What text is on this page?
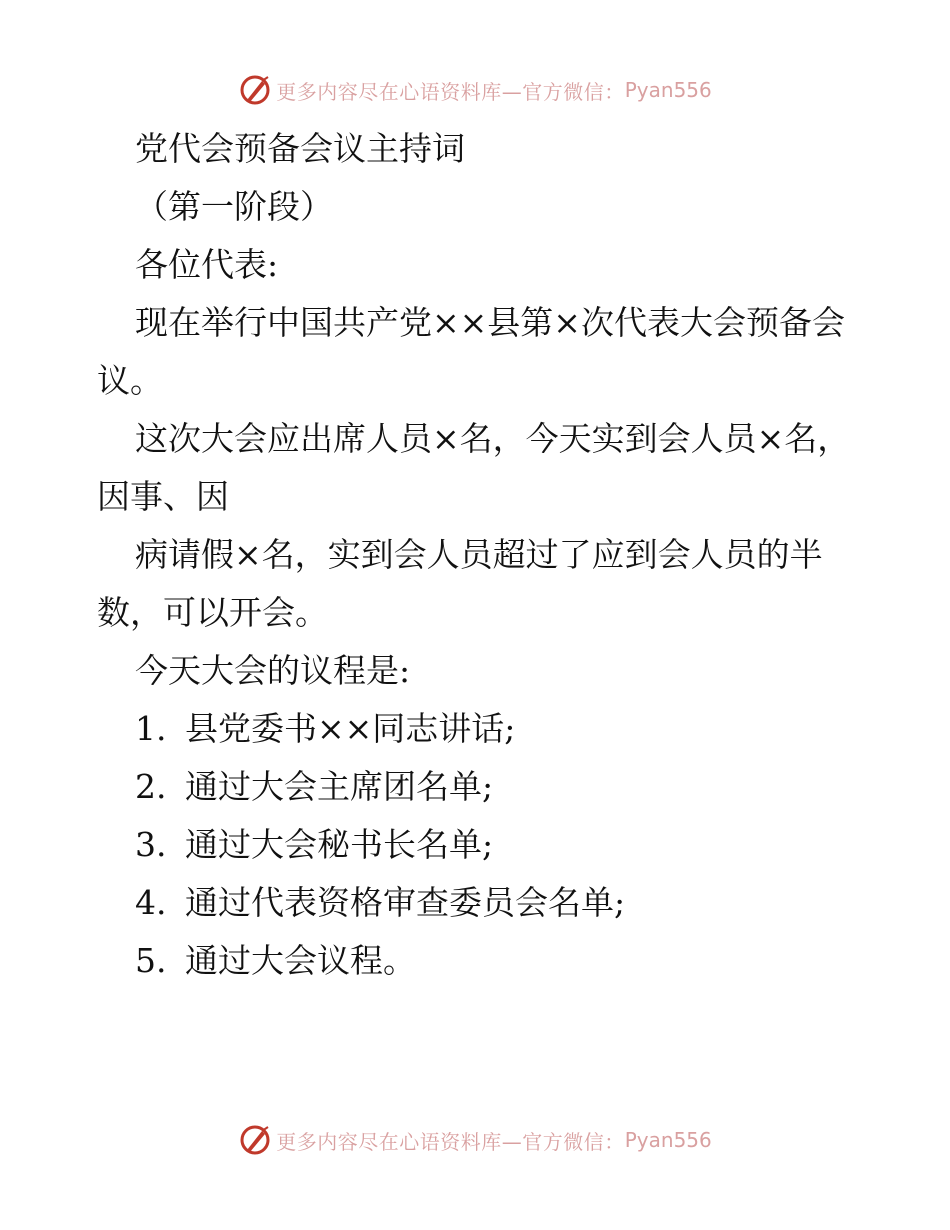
更多内容尽在心语资料库—官方微信： Pyan556

党代会预备会议主持词

（第一阶段）

各位代表:

现在举行中国共产党××县第×次代表大会预备会议。

这次大会应出席人员×名，今天实到会人员×名，因事、因

病请假×名，实到会人员超过了应到会人员的半数，可以开会。

今天大会的议程是:

1. 县党委书××同志讲话;

2. 通过大会主席团名单;

3. 通过大会秘书长名单;

4. 通过代表资格审查委员会名单;

5. 通过大会议程。

更多内容尽在心语资料库—官方微信： Pyan556
